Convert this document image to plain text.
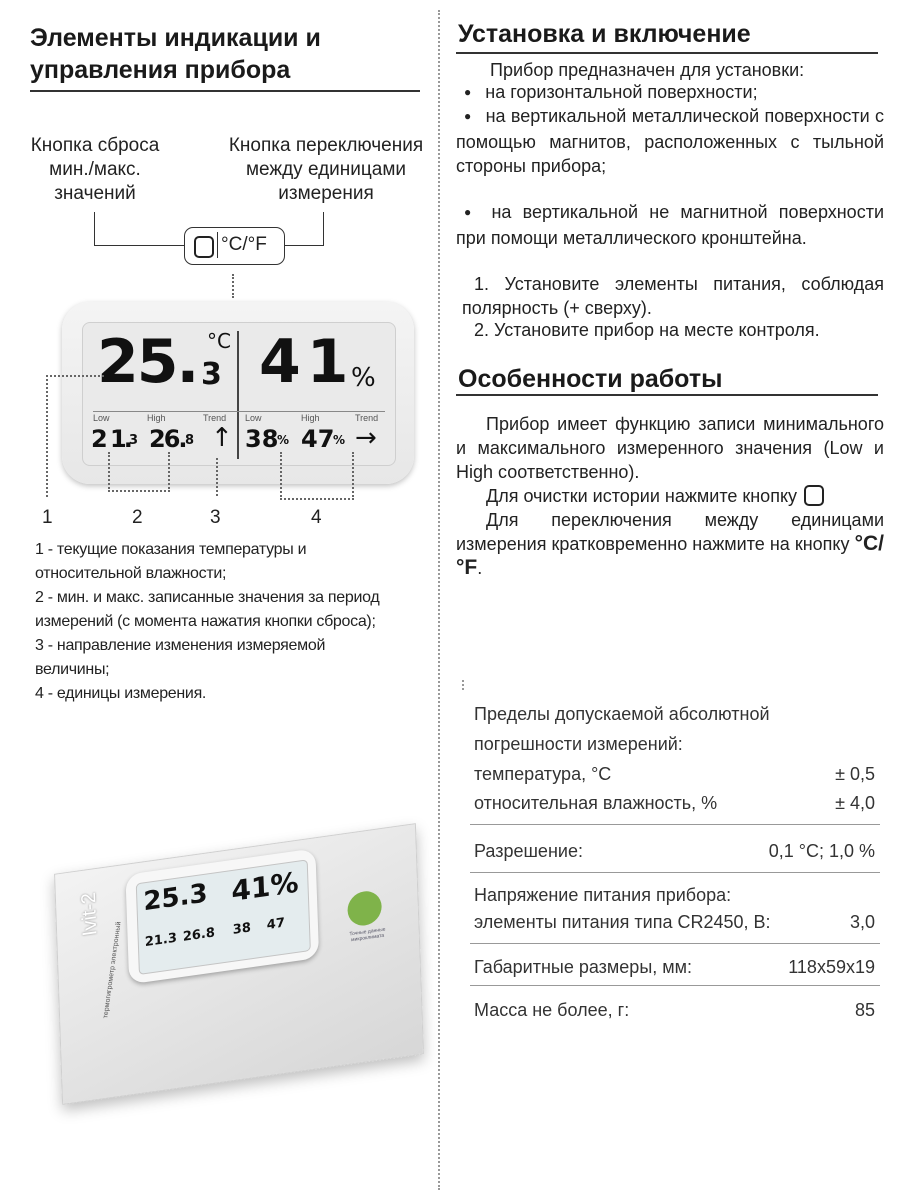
Элементы индикации и
управления прибора
Кнопка сброса
мин./макс.
значений
Кнопка переключения
между единицами
измерения
°C/°F
25. 3
°C 41
%
Low	High	Trend Low	High	Trend
2 1. 3 26. 8 ↑ 38
% 47
% →
1	2	3	4
1 - текущие показания температуры и
относительной влажности;
2 - мин. и макс. записанные значения за период
измерений (с момента нажатия кнопки сброса);
3 - направление изменения измеряемой
величины;
4 - единицы измерения.
Ivit-2
термогигрометр электронный
25.3 41%
21.3 26.8 38 47	Точные данные микроклимата
Установка и включение
Прибор предназначен для установки:
● на горизонтальной поверхности;
● на вертикальной металлической поверхности с помощью магнитов, расположенных с тыльной стороны прибора;
● на вертикальной не магнитной поверхности при помощи металлического кронштейна.
1. Установите элементы питания, соблюдая полярность (+ сверху).
2. Установите прибор на месте контроля.
Особенности работы
Прибор имеет функцию записи минимального и максимального измеренного значения (Low и High соответственно).
Для очистки истории нажмите кнопку
Для переключения между единицами измерения кратковременно нажмите на кнопку °C/°F.
Пределы допускаемой абсолютной
погрешности измерений:
температура, °C	± 0,5
относительная влажность, %	± 4,0
Разрешение:	0,1 °C; 1,0 %
Напряжение питания прибора:
элементы питания типа CR2450, В:	3,0
Габаритные размеры, мм:	118x59x19
Масса не более, г:	85
